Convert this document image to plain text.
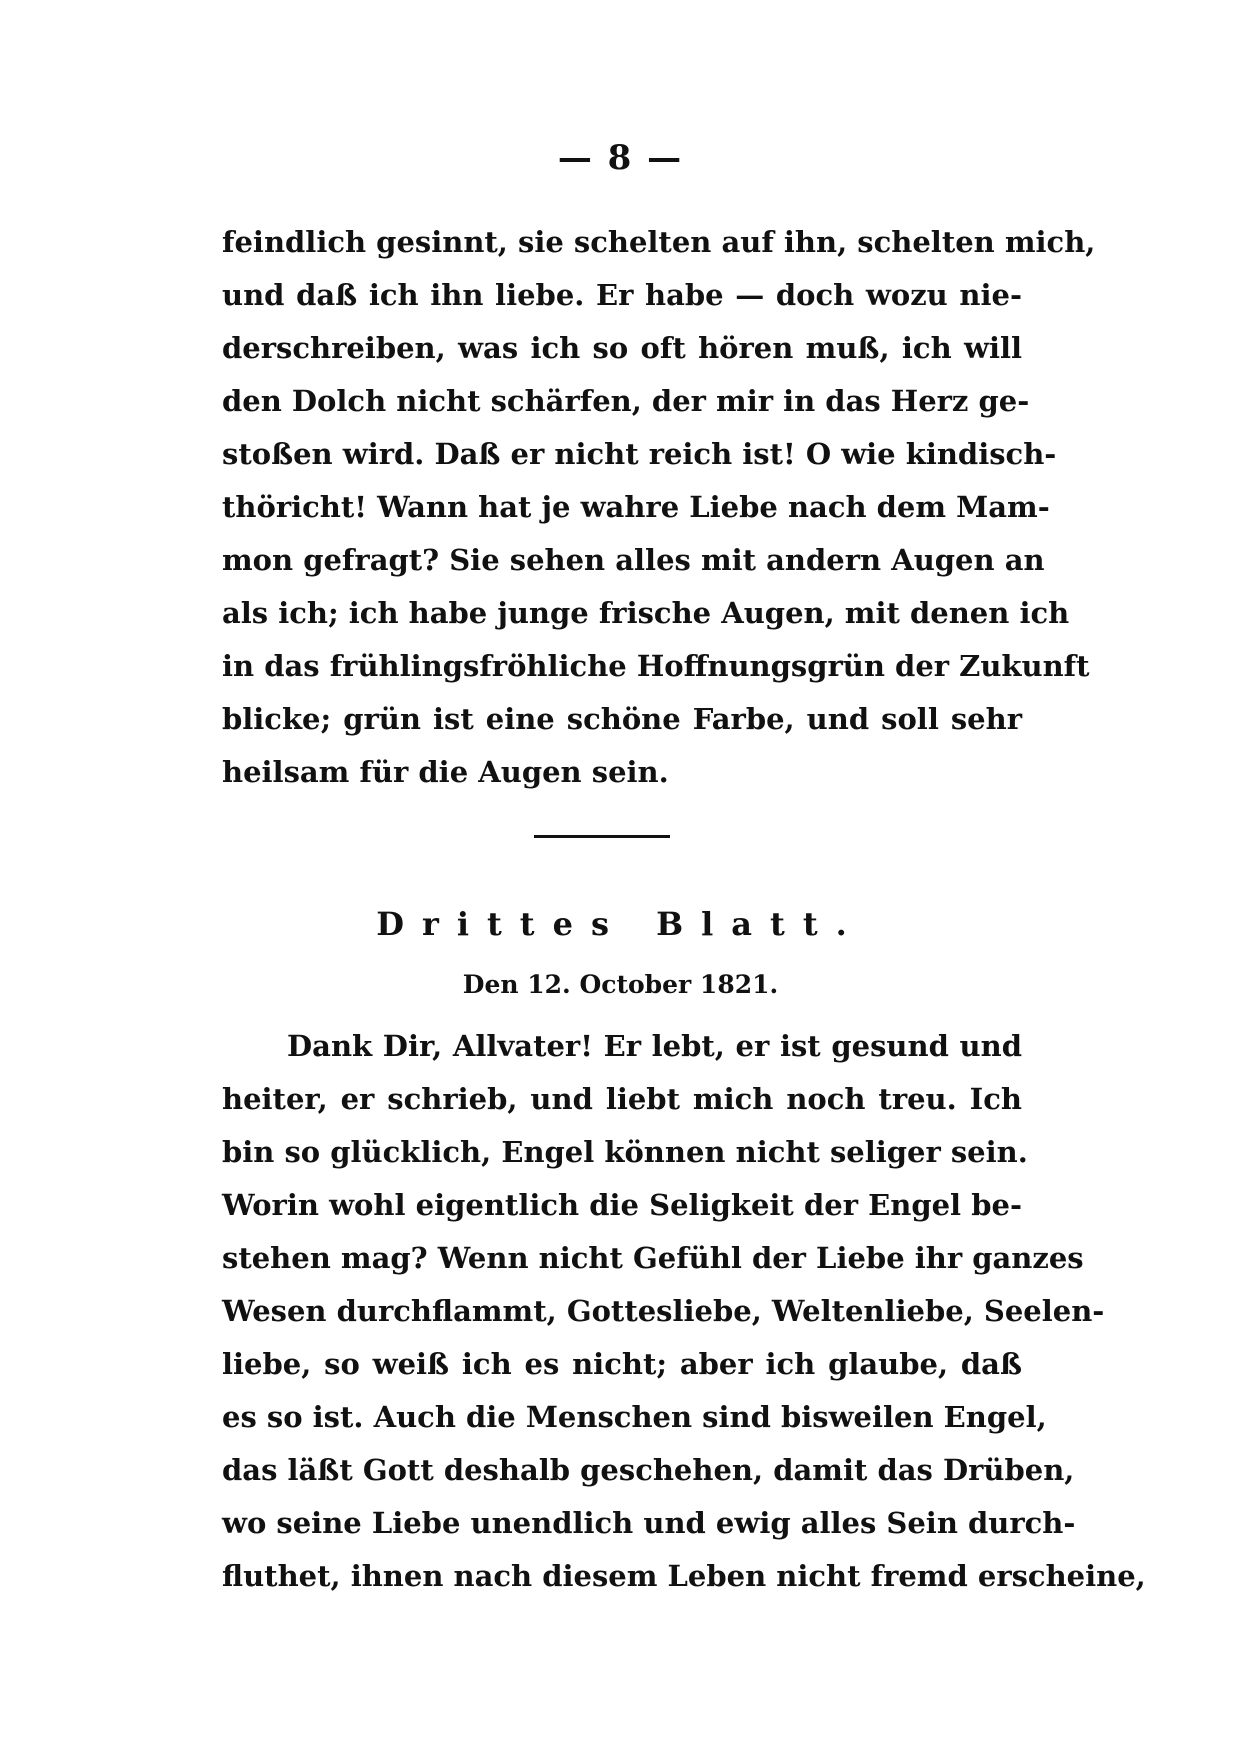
— 8 —
feindlich gesinnt, sie schelten auf ihn, schelten mich,
und daß ich ihn liebe. Er habe — doch wozu nie-
derschreiben, was ich so oft hören muß, ich will
den Dolch nicht schärfen, der mir in das Herz ge-
stoßen wird. Daß er nicht reich ist! O wie kindisch-
thöricht! Wann hat je wahre Liebe nach dem Mam-
mon gefragt? Sie sehen alles mit andern Augen an
als ich; ich habe junge frische Augen, mit denen ich
in das frühlingsfröhliche Hoffnungsgrün der Zukunft
blicke; grün ist eine schöne Farbe, und soll sehr
heilsam für die Augen sein.
Drittes Blatt.
Den 12. October 1821.
Dank Dir, Allvater! Er lebt, er ist gesund und
heiter, er schrieb, und liebt mich noch treu. Ich
bin so glücklich, Engel können nicht seliger sein.
Worin wohl eigentlich die Seligkeit der Engel be-
stehen mag? Wenn nicht Gefühl der Liebe ihr ganzes
Wesen durchflammt, Gottesliebe, Weltenliebe, Seelen-
liebe, so weiß ich es nicht; aber ich glaube, daß
es so ist. Auch die Menschen sind bisweilen Engel,
das läßt Gott deshalb geschehen, damit das Drüben,
wo seine Liebe unendlich und ewig alles Sein durch-
fluthet, ihnen nach diesem Leben nicht fremd erscheine,
